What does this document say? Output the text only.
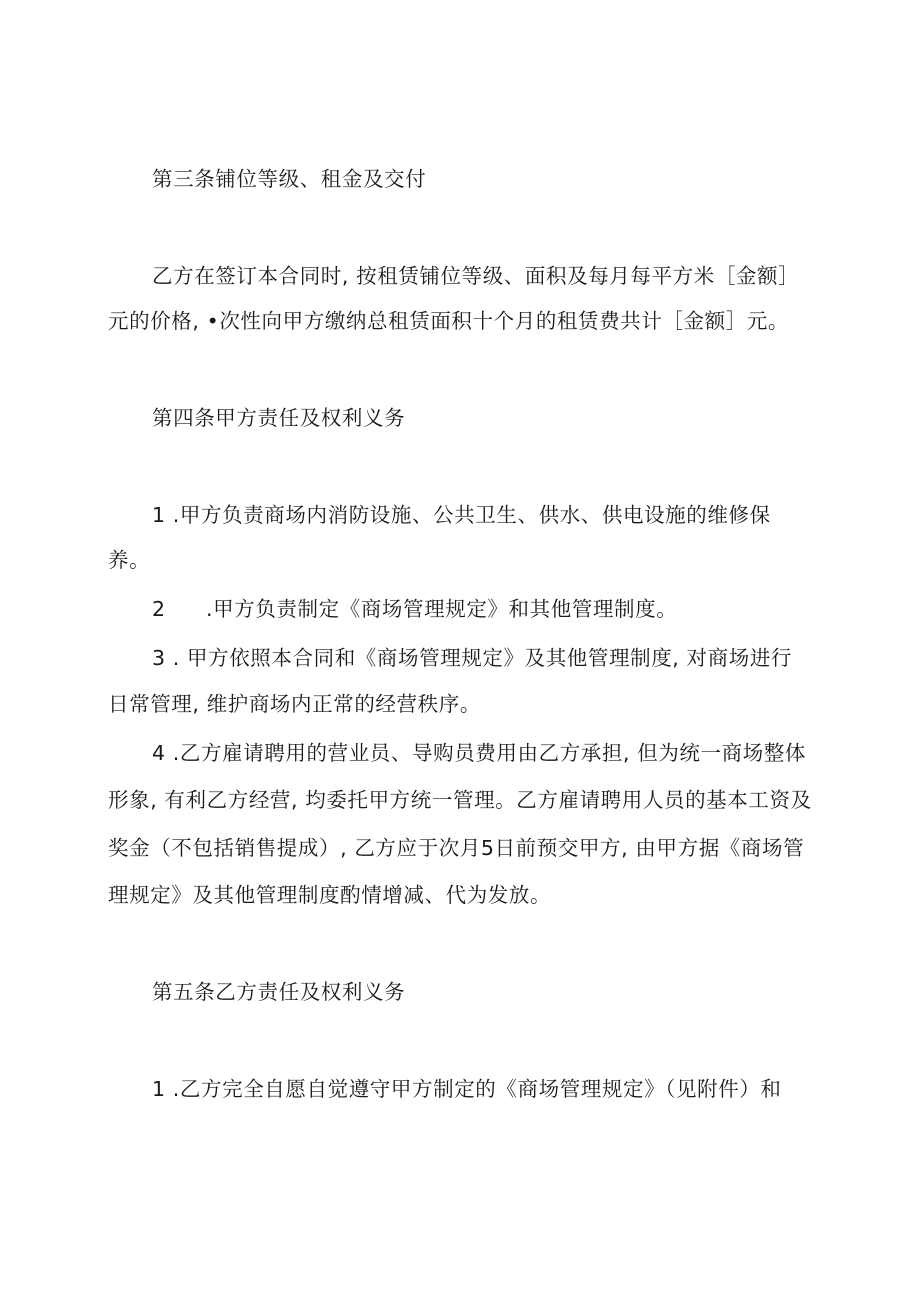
第三条铺位等级、租金及交付
乙方在签订本合同时, 按租赁铺位等级、面积及每月每平方米［金额］
元的价格, •次性向甲方缴纳总租赁面积十个月的租赁费共计［金额］元。
第四条甲方责任及权利义务
1 .甲方负责商场内消防设施、公共卫生、供水、供电设施的维修保
养。
2 .甲方负责制定《商场管理规定》和其他管理制度。
3 . 甲方依照本合同和《商场管理规定》及其他管理制度, 对商场进行
日常管理, 维护商场内正常的经营秩序。
4 .乙方雇请聘用的营业员、导购员费用由乙方承担, 但为统一商场整体
形象, 有利乙方经营, 均委托甲方统一管理。乙方雇请聘用人员的基本工资及
奖金（不包括销售提成）, 乙方应于次月5日前预交甲方, 由甲方据《商场管
理规定》及其他管理制度酌情增减、代为发放。
第五条乙方责任及权利义务
1 .乙方完全自愿自觉遵守甲方制定的《商场管理规定》（见附件）和
